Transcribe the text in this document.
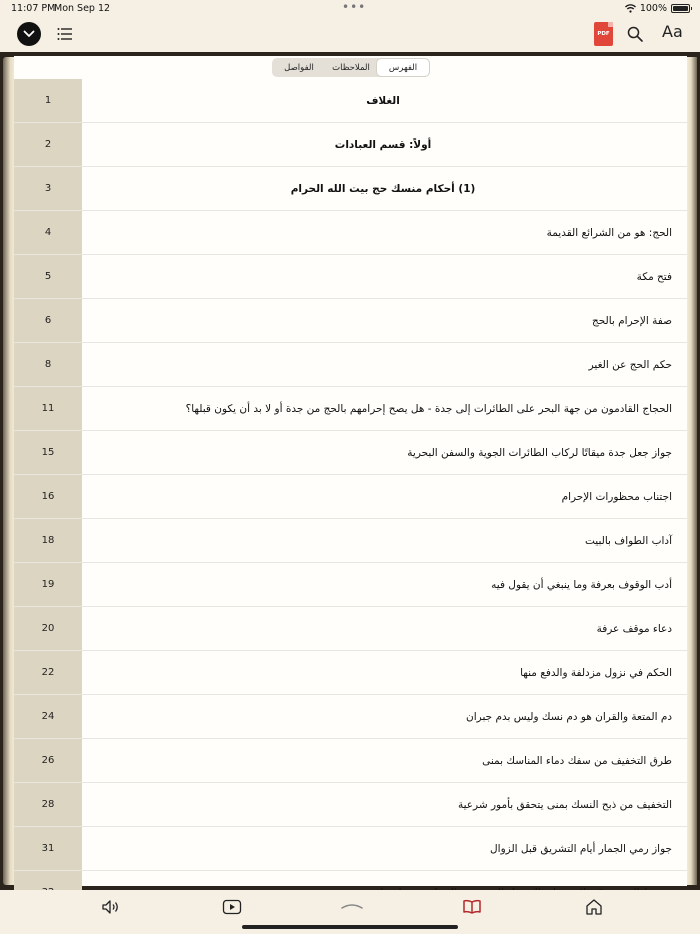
11:07 PM
Mon Sep 12	•••	100%
PDF	Aa
الفهرس
الملاحظات
الفواصل
1	الغلاف
2	أولاً: قسم العبادات
3	(1) أحكام منسك حج بيت الله الحرام
4	الحج: هو من الشرائع القديمة
5	فتح مكة
6	صفة الإحرام بالحج
8	حكم الحج عن الغير
11	الحجاج القادمون من جهة البحر على الطائرات إلى جدة - هل يصح إحرامهم بالحج من جدة أو لا بد أن يكون قبلها؟
15	جواز جعل جدة ميقاتًا لركاب الطائرات الجوية والسفن البحرية
16	اجتناب محظورات الإحرام
18	آداب الطواف بالبيت
19	أدب الوقوف بعرفة وما ينبغي أن يقول فيه
20	دعاء موقف عرفة
22	الحكم في نزول مزدلفة والدفع منها
24	دم المتعة والقران هو دم نسك وليس بدم جبران
26	طرق التخفيف من سفك دماء المناسك بمنى
28	التخفيف من ذبح النسك بمنى يتحقق بأمور شرعية
31	جواز رمي الجمار أيام التشريق قبل الزوال
